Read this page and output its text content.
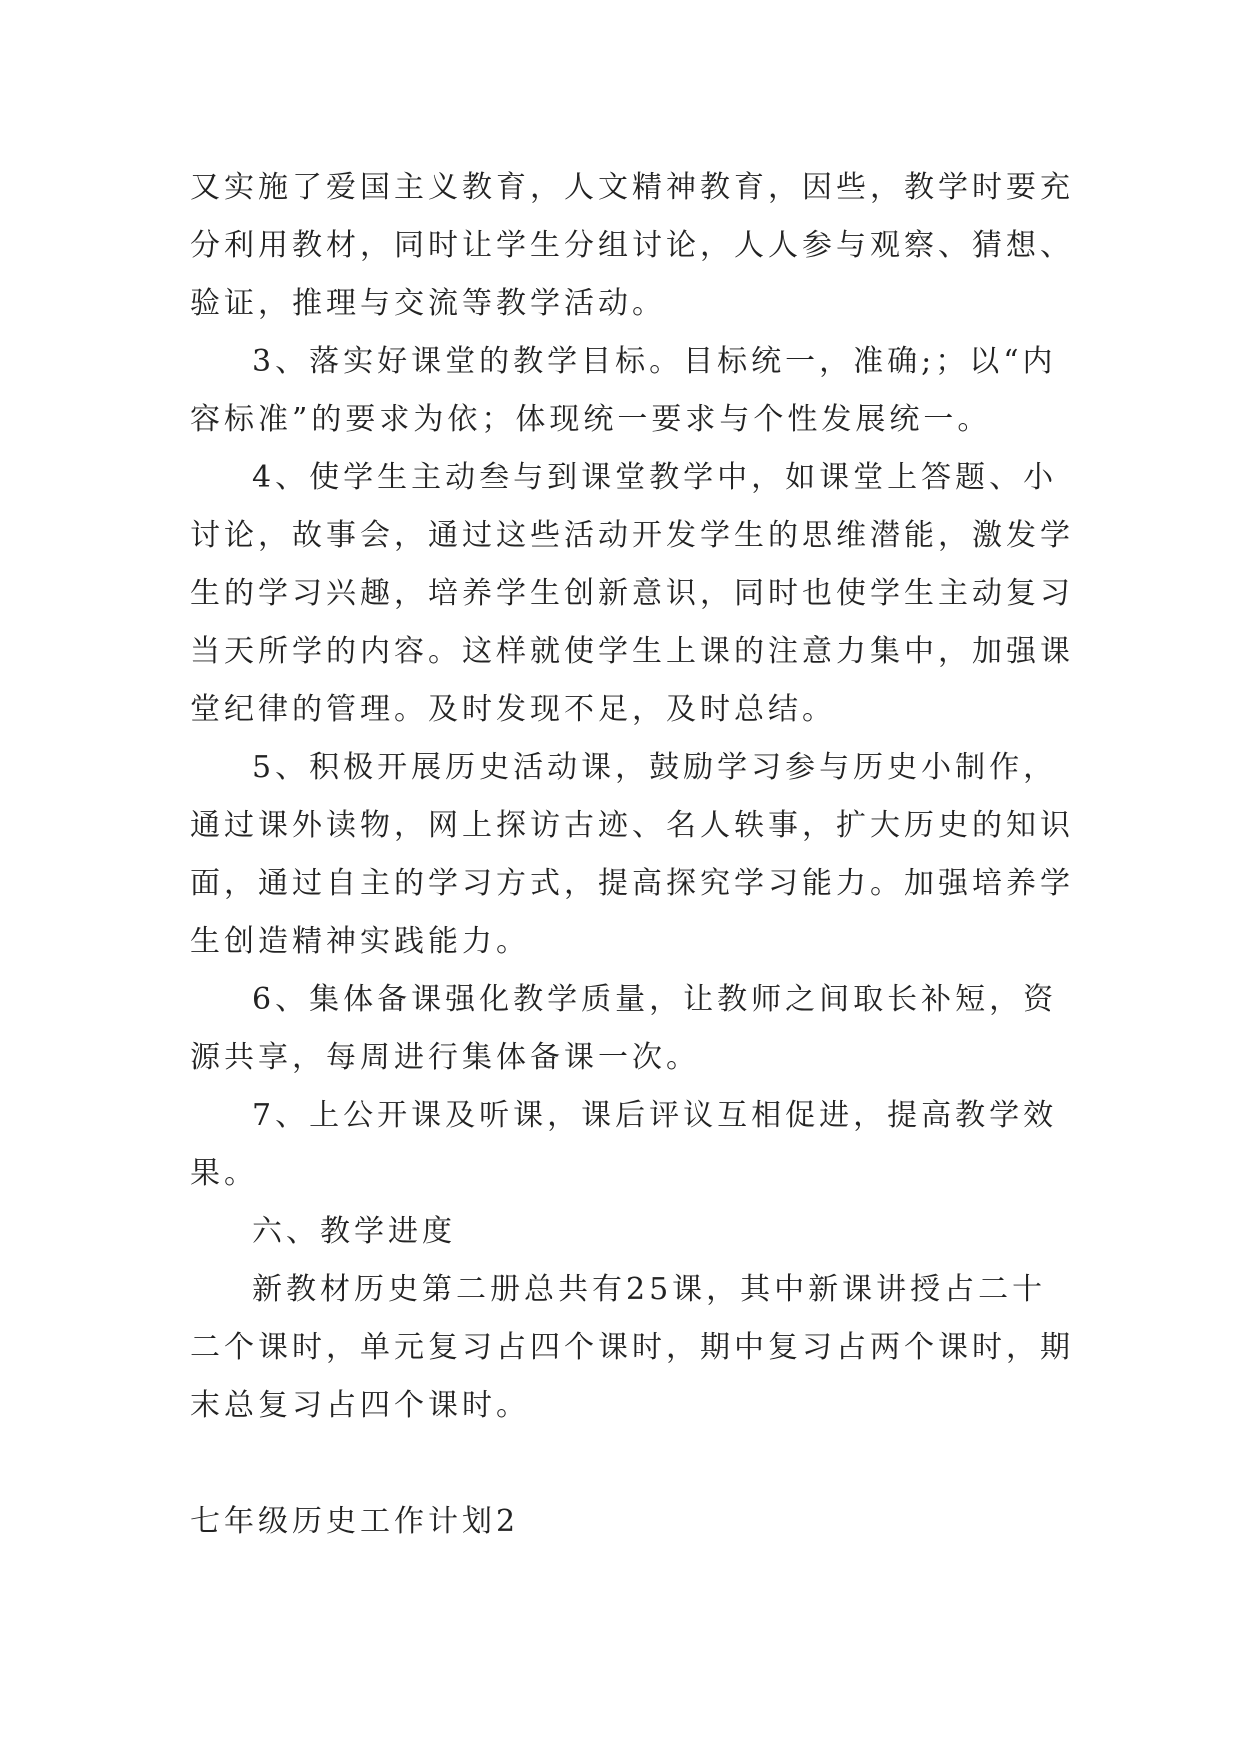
又实施了爱国主义教育，人文精神教育，因些，教学时要充
分利用教材，同时让学生分组讨论，人人参与观察、猜想、
验证，推理与交流等教学活动。
3、落实好课堂的教学目标。目标统一，准确;；以“内
容标准”的要求为依；体现统一要求与个性发展统一。
4、使学生主动叁与到课堂教学中，如课堂上答题、小
讨论，故事会，通过这些活动开发学生的思维潜能，激发学
生的学习兴趣，培养学生创新意识，同时也使学生主动复习
当天所学的内容。这样就使学生上课的注意力集中，加强课
堂纪律的管理。及时发现不足，及时总结。
5、积极开展历史活动课，鼓励学习参与历史小制作，
通过课外读物，网上探访古迹、名人轶事，扩大历史的知识
面，通过自主的学习方式，提高探究学习能力。加强培养学
生创造精神实践能力。
6、集体备课强化教学质量，让教师之间取长补短，资
源共享，每周进行集体备课一次。
7、上公开课及听课，课后评议互相促进，提高教学效
果。
六、教学进度
新教材历史第二册总共有25课，其中新课讲授占二十
二个课时，单元复习占四个课时，期中复习占两个课时，期
末总复习占四个课时。
七年级历史工作计划2
